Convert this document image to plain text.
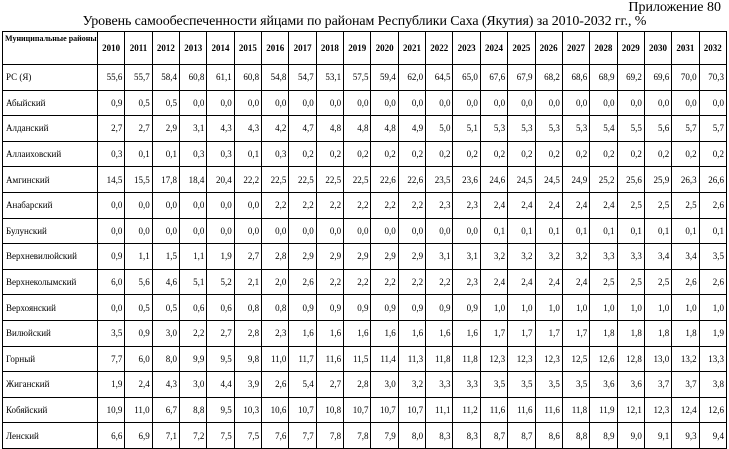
Приложение 80
Уровень самообеспеченности яйцами по районам Республики Саха (Якутия) за 2010-2032 гг., %
Муниципальные районы	2010	2011	2012	2013	2014	2015	2016	2017	2018	2019	2020	2021	2022	2023	2024	2025	2026	2027	2028	2029	2030	2031	2032
РС (Я)	55,6	55,7	58,4	60,8	61,1	60,8	54,8	54,7	53,1	57,5	59,4	62,0	64,5	65,0	67,6	67,9	68,2	68,6	68,9	69,2	69,6	70,0	70,3
Абыйский	0,9	0,5	0,5	0,0	0,0	0,0	0,0	0,0	0,0	0,0	0,0	0,0	0,0	0,0	0,0	0,0	0,0	0,0	0,0	0,0	0,0	0,0	0,0
Алданский	2,7	2,7	2,9	3,1	4,3	4,3	4,2	4,7	4,8	4,8	4,8	4,9	5,0	5,1	5,3	5,3	5,3	5,3	5,4	5,5	5,6	5,7	5,7
Аллаиховский	0,3	0,1	0,1	0,3	0,3	0,1	0,3	0,2	0,2	0,2	0,2	0,2	0,2	0,2	0,2	0,2	0,2	0,2	0,2	0,2	0,2	0,2	0,2
Амгинский	14,5	15,5	17,8	18,4	20,4	22,2	22,5	22,5	22,5	22,5	22,6	22,6	23,5	23,6	24,6	24,5	24,5	24,9	25,2	25,6	25,9	26,3	26,6
Анабарский	0,0	0,0	0,0	0,0	0,0	0,0	2,2	2,2	2,2	2,2	2,2	2,2	2,3	2,3	2,4	2,4	2,4	2,4	2,4	2,5	2,5	2,5	2,6
Булунский	0,0	0,0	0,0	0,0	0,0	0,0	0,0	0,0	0,0	0,0	0,0	0,0	0,0	0,0	0,1	0,1	0,1	0,1	0,1	0,1	0,1	0,1	0,1
Верхневилюйский	0,9	1,1	1,5	1,1	1,9	2,7	2,8	2,9	2,9	2,9	2,9	2,9	3,1	3,1	3,2	3,2	3,2	3,2	3,3	3,3	3,4	3,4	3,5
Верхнеколымский	6,0	5,6	4,6	5,1	5,2	2,1	2,0	2,6	2,2	2,2	2,2	2,2	2,2	2,3	2,4	2,4	2,4	2,4	2,5	2,5	2,5	2,6	2,6
Верхоянский	0,0	0,5	0,5	0,6	0,6	0,8	0,8	0,9	0,9	0,9	0,9	0,9	0,9	0,9	1,0	1,0	1,0	1,0	1,0	1,0	1,0	1,0	1,0
Вилюйский	3,5	0,9	3,0	2,2	2,7	2,8	2,3	1,6	1,6	1,6	1,6	1,6	1,6	1,6	1,7	1,7	1,7	1,7	1,8	1,8	1,8	1,8	1,9
Горный	7,7	6,0	8,0	9,9	9,5	9,8	11,0	11,7	11,6	11,5	11,4	11,3	11,8	11,8	12,3	12,3	12,3	12,5	12,6	12,8	13,0	13,2	13,3
Жиганский	1,9	2,4	4,3	3,0	4,4	3,9	2,6	5,4	2,7	2,8	3,0	3,2	3,3	3,3	3,5	3,5	3,5	3,5	3,6	3,6	3,7	3,7	3,8
Кобяйский	10,9	11,0	6,7	8,8	9,5	10,3	10,6	10,7	10,8	10,7	10,7	10,7	11,1	11,2	11,6	11,6	11,6	11,8	11,9	12,1	12,3	12,4	12,6
Ленский	6,6	6,9	7,1	7,2	7,5	7,5	7,6	7,7	7,8	7,8	7,9	8,0	8,3	8,3	8,7	8,7	8,6	8,8	8,9	9,0	9,1	9,3	9,4
